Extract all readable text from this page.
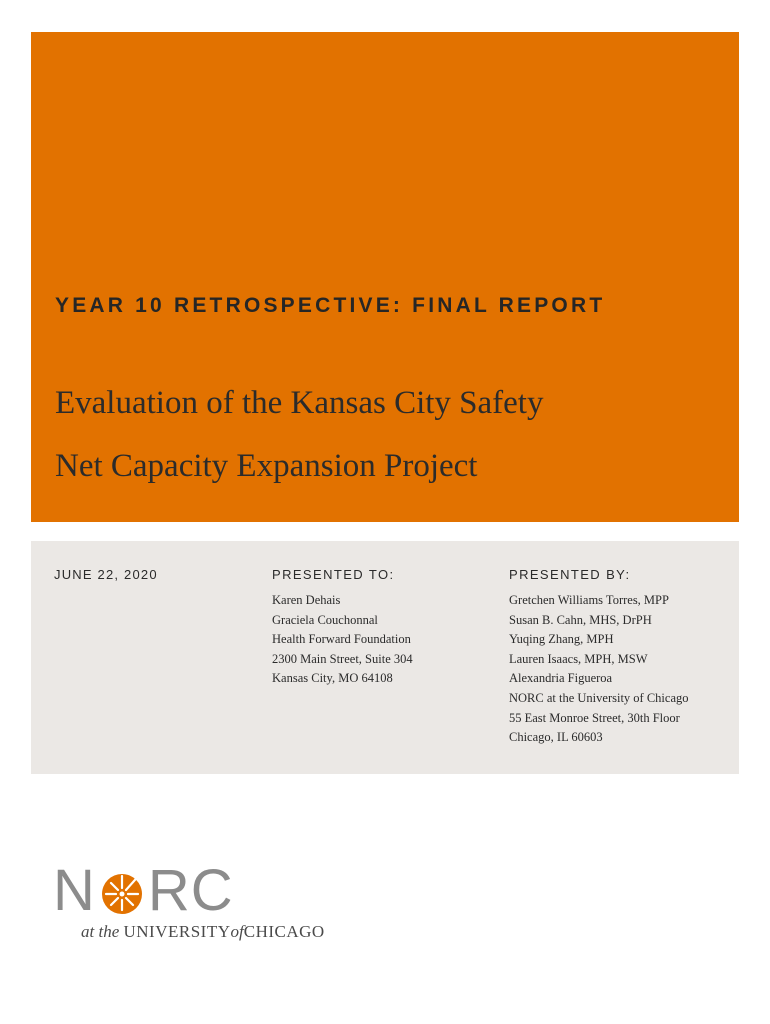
YEAR 10 RETROSPECTIVE: FINAL REPORT
Evaluation of the Kansas City Safety
Net Capacity Expansion Project
JUNE 22, 2020	PRESENTED TO:
Karen Dehais
Graciela Couchonnal
Health Forward Foundation
2300 Main Street, Suite 304
Kansas City, MO 64108
PRESENTED BY:
Gretchen Williams Torres, MPP
Susan B. Cahn, MHS, DrPH
Yuqing Zhang, MPH
Lauren Isaacs, MPH, MSW
Alexandria Figueroa
NORC at the University of Chicago
55 East Monroe Street, 30th Floor
Chicago, IL 60603
N RC
at the UNIVERSITYofCHICAGO
